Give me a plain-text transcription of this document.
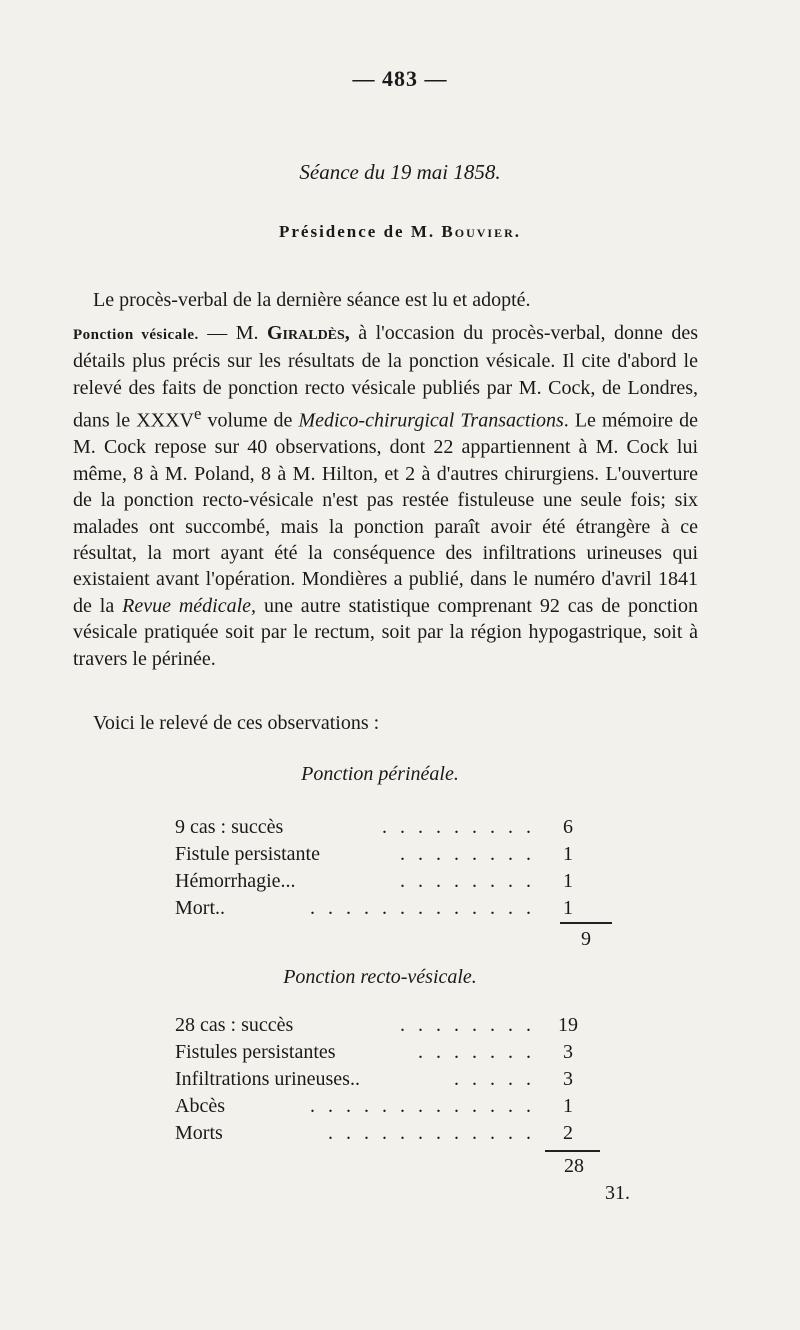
— 483 —
Séance du 19 mai 1858.
Présidence de M. Bouvier.
Le procès-verbal de la dernière séance est lu et adopté.
Ponction vésicale. — M. Giraldès, à l'occasion du procès-verbal, donne des détails plus précis sur les résultats de la ponction vésicale. Il cite d'abord le relevé des faits de ponction recto vésicale publiés par M. Cock, de Londres, dans le XXXVe volume de Medico-chirurgical Transactions. Le mémoire de M. Cock repose sur 40 observations, dont 22 appartiennent à M. Cock lui même, 8 à M. Poland, 8 à M. Hilton, et 2 à d'autres chirurgiens. L'ouverture de la ponction recto-vésicale n'est pas restée fistuleuse une seule fois; six malades ont succombé, mais la ponction paraît avoir été étrangère à ce résultat, la mort ayant été la conséquence des infiltrations urineuses qui existaient avant l'opération. Mondières a publié, dans le numéro d'avril 1841 de la Revue médicale, une autre statistique comprenant 92 cas de ponction vésicale pratiquée soit par le rectum, soit par la région hypogastrique, soit à travers le périnée.
Voici le relevé de ces observations :
Ponction périnéale.
9 cas : succès	. . . . . . . . .	6
Fistule persistante	. . . . . . . .	1
Hémorrhagie...	. . . . . . . .	1
Mort..	. . . . . . . . . . . . .	1
9
Ponction recto-vésicale.
28 cas : succès	. . . . . . . .	19
Fistules persistantes	. . . . . . .	3
Infiltrations urineuses..	. . . . .	3
Abcès	. . . . . . . . . . . . .	1
Morts	. . . . . . . . . . . .	2
28
31.
